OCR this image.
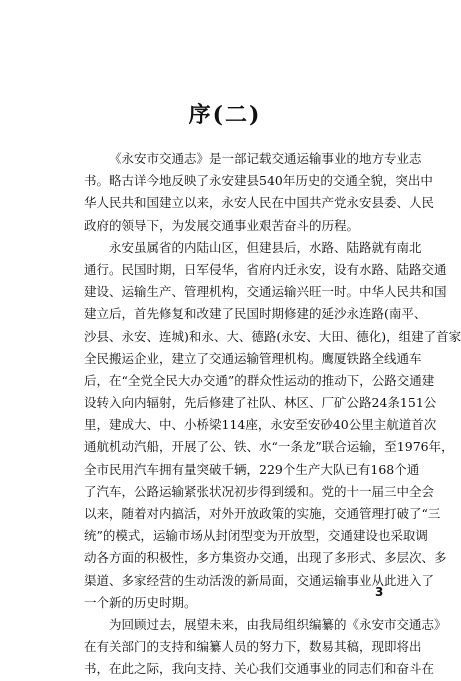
序(二)
《永安市交通志》是一部记载交通运输事业的地方专业志
书。略古详今地反映了永安建县540年历史的交通全貌，突出中
华人民共和国建立以来，永安人民在中国共产党永安县委、人民
政府的领导下，为发展交通事业艰苦奋斗的历程。
永安虽属省的内陆山区，但建县后，水路、陆路就有南北
通行。民国时期，日军侵华，省府内迁永安，设有水路、陆路交通
建设、运输生产、管理机构，交通运输兴旺一时。中华人民共和国
建立后，首先修复和改建了民国时期修建的延沙永连路(南平、
沙县、永安、连城)和永、大、德路(永安、大田、德化)，组建了首家
全民搬运企业，建立了交通运输管理机构。鹰厦铁路全线通车
后，在“全党全民大办交通”的群众性运动的推动下，公路交通建
设转入向内辐射，先后修建了社队、林区、厂矿公路24条151公
里，建成大、中、小桥梁114座，永安至安砂40公里主航道首次
通航机动汽船，开展了公、铁、水“一条龙”联合运输，至1976年，
全市民用汽车拥有量突破千辆，229个生产大队已有168个通
了汽车，公路运输紧张状况初步得到缓和。党的十一届三中全会
以来，随着对内搞活，对外开放政策的实施，交通管理打破了“三
统”的模式，运输市场从封闭型变为开放型，交通建设也采取调
动各方面的积极性，多方集资办交通，出现了多形式、多层次、多
渠道、多家经营的生动活泼的新局面，交通运输事业从此进入了
一个新的历史时期。
为回顾过去，展望未来，由我局组织编纂的《永安市交通志》
在有关部门的支持和编纂人员的努力下，数易其稿，现即将出
书，在此之际，我向支持、关心我们交通事业的同志们和奋斗在
3
